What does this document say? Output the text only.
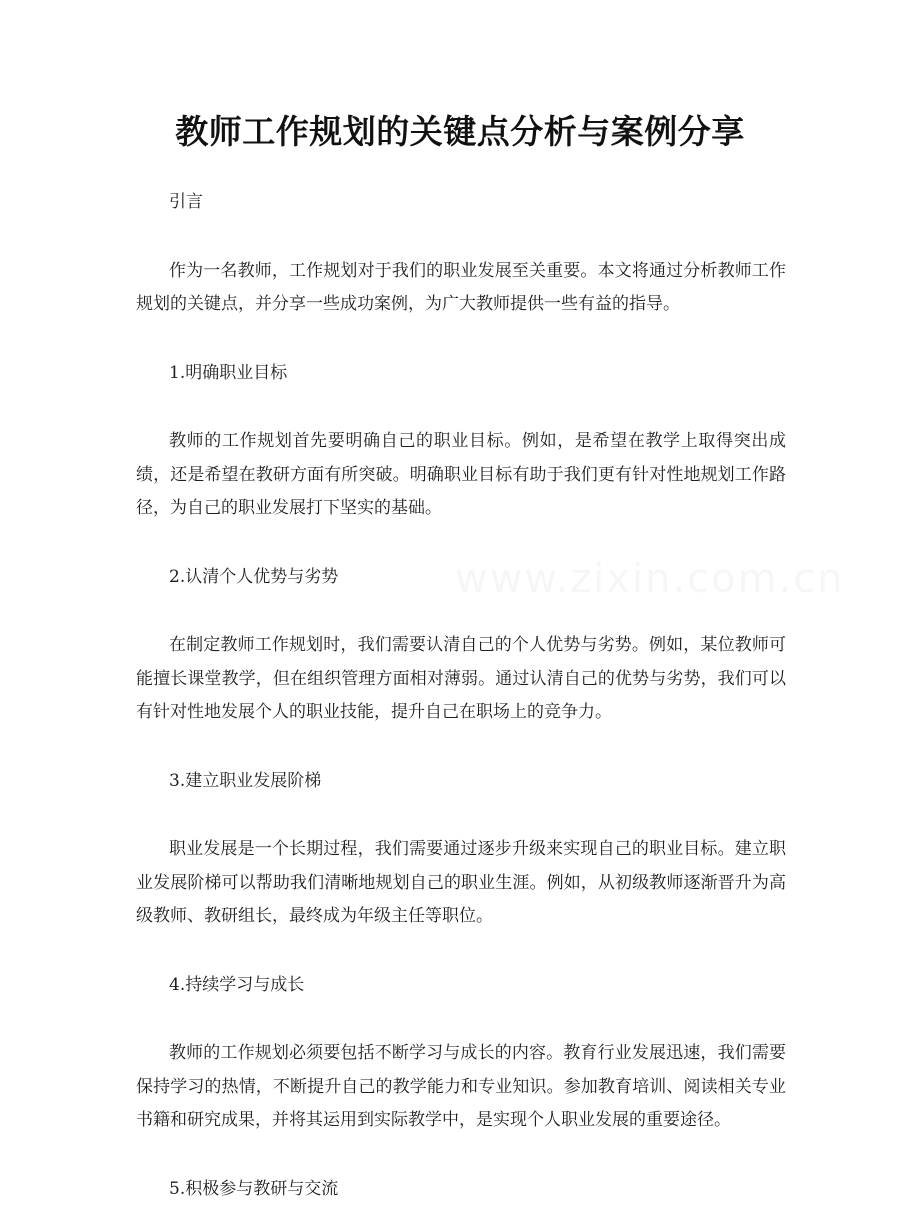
教师工作规划的关键点分析与案例分享

引言

作为一名教师，工作规划对于我们的职业发展至关重要。本文将通过分析教师工作规划的关键点，并分享一些成功案例，为广大教师提供一些有益的指导。

1.明确职业目标

教师的工作规划首先要明确自己的职业目标。例如，是希望在教学上取得突出成绩，还是希望在教研方面有所突破。明确职业目标有助于我们更有针对性地规划工作路径，为自己的职业发展打下坚实的基础。

2.认清个人优势与劣势

在制定教师工作规划时，我们需要认清自己的个人优势与劣势。例如，某位教师可能擅长课堂教学，但在组织管理方面相对薄弱。通过认清自己的优势与劣势，我们可以有针对性地发展个人的职业技能，提升自己在职场上的竞争力。

3.建立职业发展阶梯

职业发展是一个长期过程，我们需要通过逐步升级来实现自己的职业目标。建立职业发展阶梯可以帮助我们清晰地规划自己的职业生涯。例如，从初级教师逐渐晋升为高级教师、教研组长，最终成为年级主任等职位。

4.持续学习与成长

教师的工作规划必须要包括不断学习与成长的内容。教育行业发展迅速，我们需要保持学习的热情，不断提升自己的教学能力和专业知识。参加教育培训、阅读相关专业书籍和研究成果，并将其运用到实际教学中，是实现个人职业发展的重要途径。

5.积极参与教研与交流
